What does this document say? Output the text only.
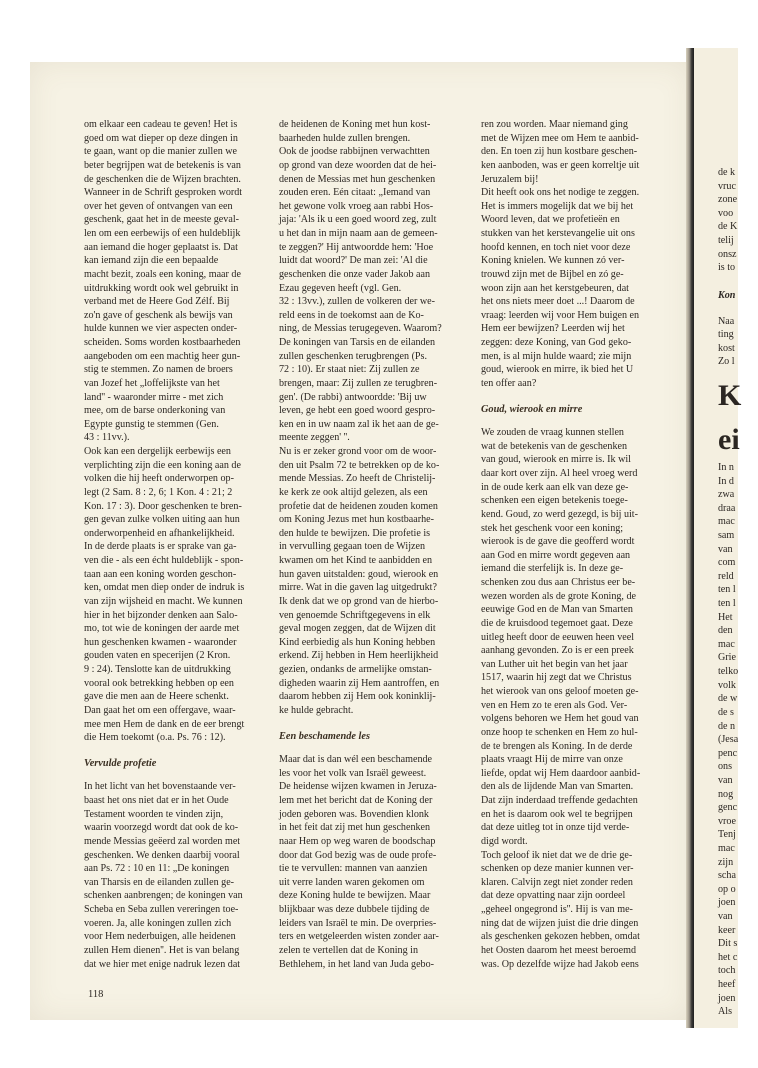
om elkaar een cadeau te geven! Het is
goed om wat dieper op deze dingen in
te gaan, want op die manier zullen we
beter begrijpen wat de betekenis is van
de geschenken die de Wijzen brachten.
Wanneer in de Schrift gesproken wordt
over het geven of ontvangen van een
geschenk, gaat het in de meeste geval-
len om een eerbewijs of een huldeblijk
aan iemand die hoger geplaatst is. Dat
kan iemand zijn die een bepaalde
macht bezit, zoals een koning, maar de
uitdrukking wordt ook wel gebruikt in
verband met de Heere God Zélf. Bij
zo'n gave of geschenk als bewijs van
hulde kunnen we vier aspecten onder-
scheiden. Soms worden kostbaarheden
aangeboden om een machtig heer gun-
stig te stemmen. Zo namen de broers
van Jozef het „loffelijkste van het
land'' - waaronder mirre - met zich
mee, om de barse onderkoning van
Egypte gunstig te stemmen (Gen.
43 : 11vv.).

Ook kan een dergelijk eerbewijs een
verplichting zijn die een koning aan de
volken die hij heeft onderworpen op-
legt (2 Sam. 8 : 2, 6; 1 Kon. 4 : 21; 2
Kon. 17 : 3). Door geschenken te bren-
gen gevan zulke volken uiting aan hun
onderworpenheid en afhankelijkheid.
In de derde plaats is er sprake van ga-
ven die - als een écht huldeblijk - spon-
taan aan een koning worden geschon-
ken, omdat men diep onder de indruk is
van zijn wijsheid en macht. We kunnen
hier in het bijzonder denken aan Salo-
mo, tot wie de koningen der aarde met
hun geschenken kwamen - waaronder
gouden vaten en specerijen (2 Kron.
9 : 24). Tenslotte kan de uitdrukking
vooral ook betrekking hebben op een
gave die men aan de Heere schenkt.
Dan gaat het om een offergave, waar-
mee men Hem de dank en de eer brengt
die Hem toekomt (o.a. Ps. 76 : 12).

Vervulde profetie

In het licht van het bovenstaande ver-
baast het ons niet dat er in het Oude
Testament woorden te vinden zijn,
waarin voorzegd wordt dat ook de ko-
mende Messias geëerd zal worden met
geschenken. We denken daarbij vooral
aan Ps. 72 : 10 en 11: „De koningen
van Tharsis en de eilanden zullen ge-
schenken aanbrengen; de koningen van
Scheba en Seba zullen vereringen toe-
voeren. Ja, alle koningen zullen zich
voor Hem nederbuigen, alle heidenen
zullen Hem dienen''. Het is van belang
dat we hier met enige nadruk lezen dat

de heidenen de Koning met hun kost-
baarheden hulde zullen brengen.
Ook de joodse rabbijnen verwachtten
op grond van deze woorden dat de hei-
denen de Messias met hun geschenken
zouden eren. Eén citaat: „Iemand van
het gewone volk vroeg aan rabbi Hos-
jaja: 'Als ik u een goed woord zeg, zult
u het dan in mijn naam aan de gemeen-
te zeggen?' Hij antwoordde hem: 'Hoe
luidt dat woord?' De man zei: 'Al die
geschenken die onze vader Jakob aan
Ezau gegeven heeft (vgl. Gen.
32 : 13vv.), zullen de volkeren der we-
reld eens in de toekomst aan de Ko-
ning, de Messias terugegeven. Waarom?
De koningen van Tarsis en de eilanden
zullen geschenken terugbrengen (Ps.
72 : 10). Er staat niet: Zij zullen ze
brengen, maar: Zij zullen ze terugbren-
gen'. (De rabbi) antwoordde: 'Bij uw
leven, ge hebt een goed woord gespro-
ken en in uw naam zal ik het aan de ge-
meente zeggen' ''.

Nu is er zeker grond voor om de woor-
den uit Psalm 72 te betrekken op de ko-
mende Messias. Zo heeft de Christelij-
ke kerk ze ook altijd gelezen, als een
profetie dat de heidenen zouden komen
om Koning Jezus met hun kostbaarhe-
den hulde te bewijzen. Die profetie is
in vervulling gegaan toen de Wijzen
kwamen om het Kind te aanbidden en
hun gaven uitstalden: goud, wierook en
mirre. Wat in die gaven lag uitgedrukt?
Ik denk dat we op grond van de hierbo-
ven genoemde Schriftgegevens in elk
geval mogen zeggen, dat de Wijzen dit
Kind eerbiedig als hun Koning hebben
erkend. Zij hebben in Hem heerlijkheid
gezien, ondanks de armelijke omstan-
digheden waarin zij Hem aantroffen, en
daarom hebben zij Hem ook koninklij-
ke hulde gebracht.

Een beschamende les

Maar dat is dan wél een beschamende
les voor het volk van Israël geweest.
De heidense wijzen kwamen in Jeruza-
lem met het bericht dat de Koning der
joden geboren was. Bovendien klonk
in het feit dat zij met hun geschenken
naar Hem op weg waren de boodschap
door dat God bezig was de oude profe-
tie te vervullen: mannen van aanzien
uit verre landen waren gekomen om
deze Koning hulde te bewijzen. Maar
blijkbaar was deze dubbele tijding de
leiders van Israël te min. De overpries-
ters en wetgeleerden wisten zonder aar-
zelen te vertellen dat de Koning in
Bethlehem, in het land van Juda gebo-

ren zou worden. Maar niemand ging
met de Wijzen mee om Hem te aanbid-
den. En toen zij hun kostbare geschen-
ken aanboden, was er geen korreltje uit
Jeruzalem bij!
Dit heeft ook ons het nodige te zeggen.
Het is immers mogelijk dat we bij het
Woord leven, dat we profetieën en
stukken van het kerstevangelie uit ons
hoofd kennen, en toch niet voor deze
Koning knielen. We kunnen zó ver-
trouwd zijn met de Bijbel en zó ge-
woon zijn aan het kerstgebeuren, dat
het ons niets meer doet ...! Daarom de
vraag: leerden wij voor Hem buigen en
Hem eer bewijzen? Leerden wij het
zeggen: deze Koning, van God geko-
men, is al mijn hulde waard; zie mijn
goud, wierook en mirre, ik bied het U
ten offer aan?

Goud, wierook en mirre

We zouden de vraag kunnen stellen
wat de betekenis van de geschenken
van goud, wierook en mirre is. Ik wil
daar kort over zijn. Al heel vroeg werd
in de oude kerk aan elk van deze ge-
schenken een eigen betekenis toege-
kend. Goud, zo werd gezegd, is bij uit-
stek het geschenk voor een koning;
wierook is de gave die geofferd wordt
aan God en mirre wordt gegeven aan
iemand die sterfelijk is. In deze ge-
schenken zou dus aan Christus eer be-
wezen worden als de grote Koning, de
eeuwige God en de Man van Smarten
die de kruisdood tegemoet gaat. Deze
uitleg heeft door de eeuwen heen veel
aanhang gevonden. Zo is er een preek
van Luther uit het begin van het jaar
1517, waarin hij zegt dat we Christus
het wierook van ons geloof moeten ge-
ven en Hem zo te eren als God. Ver-
volgens behoren we Hem het goud van
onze hoop te schenken en Hem zo hul-
de te brengen als Koning. In de derde
plaats vraagt Hij de mirre van onze
liefde, opdat wij Hem daardoor aanbid-
den als de lijdende Man van Smarten.
Dat zijn inderdaad treffende gedachten
en het is daarom ook wel te begrijpen
dat deze uitleg tot in onze tijd verde-
digd wordt.
Toch geloof ik niet dat we de drie ge-
schenken op deze manier kunnen ver-
klaren. Calvijn zegt niet zonder reden
dat deze opvatting naar zijn oordeel
„geheel ongegrond is''. Hij is van me-
ning dat de wijzen juist die drie dingen
als geschenken gekozen hebben, omdat
het Oosten daarom het meest beroemd
was. Op dezelfde wijze had Jakob eens

118
de k
vruc
zone
voo
de K
telij
onsz
is to
Kon
Naa
ting
kost
Zo l
K
ei
In n
In d
zwa
draa
mac
sam
van
com
reld
ten l
ten l
Het
den
mac
Grie
telko
volk
de w
de s
de n
(Jesa
penc
ons
van
nog
genc
vroe
Tenj
mac
zijn
scha
op o
joen
van
keer
Dit s
het c
toch
heef
joen
Als
